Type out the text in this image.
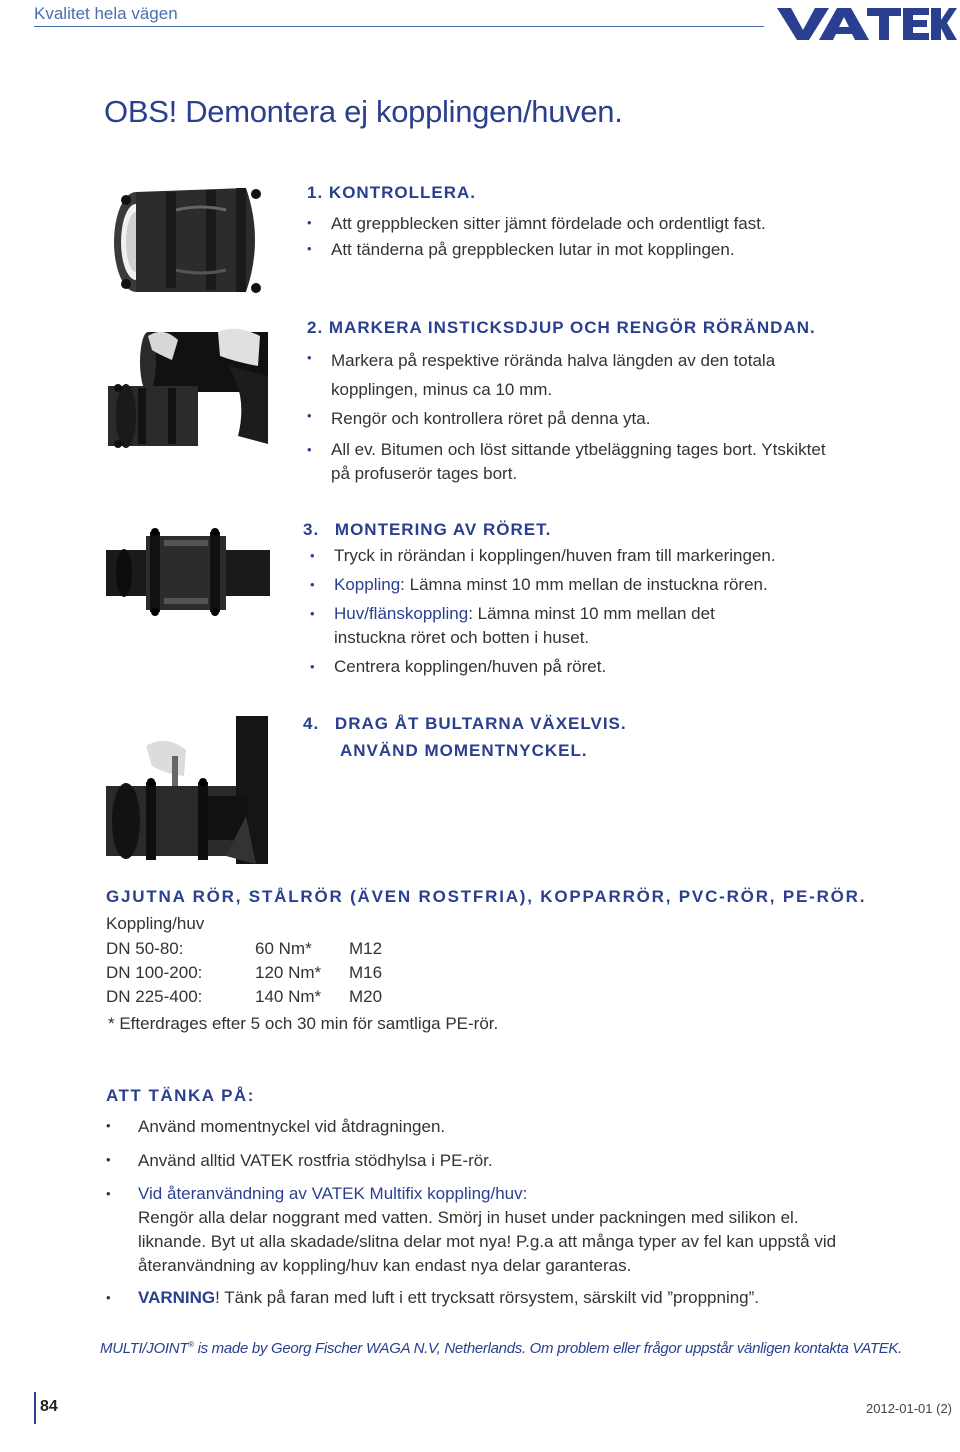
Kvalitet hela vägen
OBS! Demontera ej kopplingen/huven.
1. KONTROLLERA.
• Att greppblecken sitter jämnt fördelade och ordentligt fast.
• Att tänderna på greppblecken lutar in mot kopplingen.
2. MARKERA INSTICKSDJUP OCH RENGÖR RÖRÄNDAN.
• Markera på respektive rörända halva längden av den totala kopplingen, minus ca 10 mm.
• Rengör och kontrollera röret på denna yta.
• All ev. Bitumen och löst sittande ytbeläggning tages bort. Ytskiktet på profuserör tages bort.
3. MONTERING AV RÖRET.
• Tryck in rörändan i kopplingen/huven fram till markeringen.
• Koppling: Lämna minst 10 mm mellan de instuckna rören.
• Huv/flänskoppling: Lämna minst 10 mm mellan det instuckna röret och botten i huset.
• Centrera kopplingen/huven på röret.
4. DRAG ÅT BULTARNA VÄXELVIS.
ANVÄND MOMENTNYCKEL.
GJUTNA RÖR, STÅLRÖR (ÄVEN ROSTFRIA), KOPPARRÖR, PVC-RÖR, PE-RÖR.
Koppling/huv
DN 50-80:	60 Nm*	M12
DN 100-200:	120 Nm*	M16
DN 225-400:	140 Nm*	M20
* Efterdrages efter 5 och 30 min för samtliga PE-rör.
ATT TÄNKA PÅ:
• Använd momentnyckel vid åtdragningen.
• Använd alltid VATEK rostfria stödhylsa i PE-rör.
• Vid återanvändning av VATEK Multifix koppling/huv:
Rengör alla delar noggrant med vatten. Smörj in huset under packningen med silikon el. liknande. Byt ut alla skadade/slitna delar mot nya! P.g.a att många typer av fel kan uppstå vid återanvändning av koppling/huv kan endast nya delar garanteras.
• VARNING! Tänk på faran med luft i ett trycksatt rörsystem, särskilt vid ”proppning”.
MULTI/JOINT® is made by Georg Fischer WAGA N.V, Netherlands. Om problem eller frågor uppstår vänligen kontakta VATEK.
84	2012-01-01 (2)
